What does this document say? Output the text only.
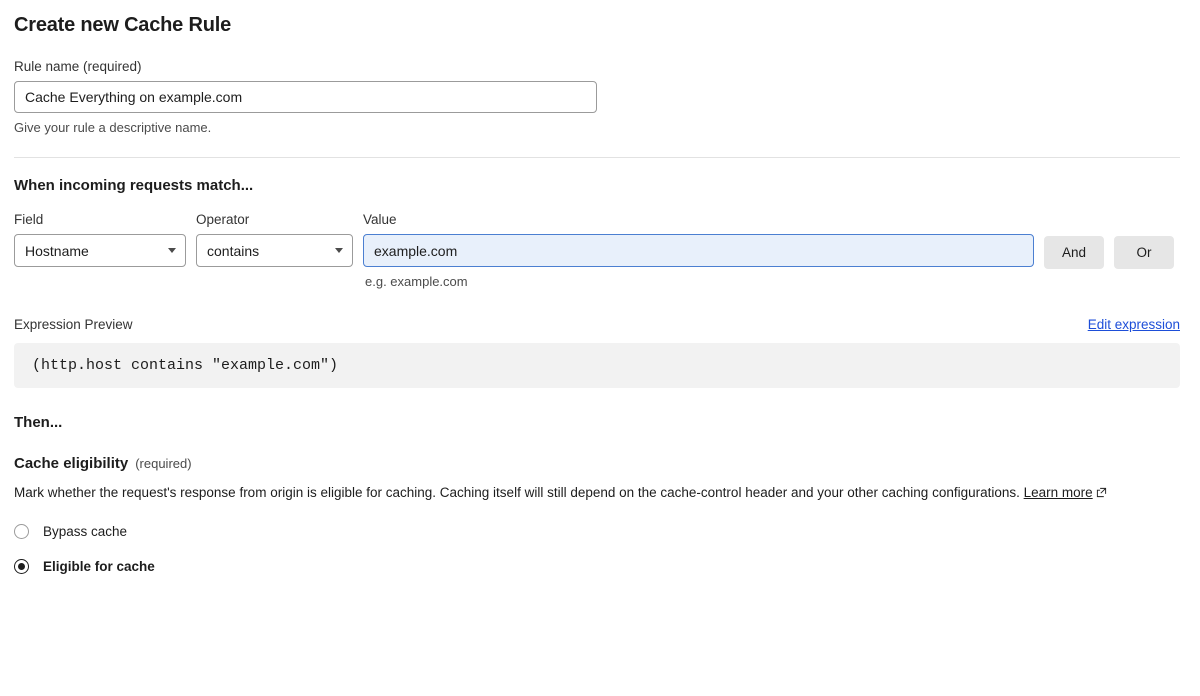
Create new Cache Rule
Rule name (required)
Cache Everything on example.com
Give your rule a descriptive name.
When incoming requests match...
Field
Hostname
Operator
contains
Value
example.com
e.g. example.com
And	Or
Expression Preview	Edit expression
(http.host contains "example.com")
Then...
Cache eligibility (required)

Mark whether the request's response from origin is eligible for caching. Caching itself will still depend on the cache-control header and your other caching configurations. Learn more

Bypass cache
Eligible for cache
